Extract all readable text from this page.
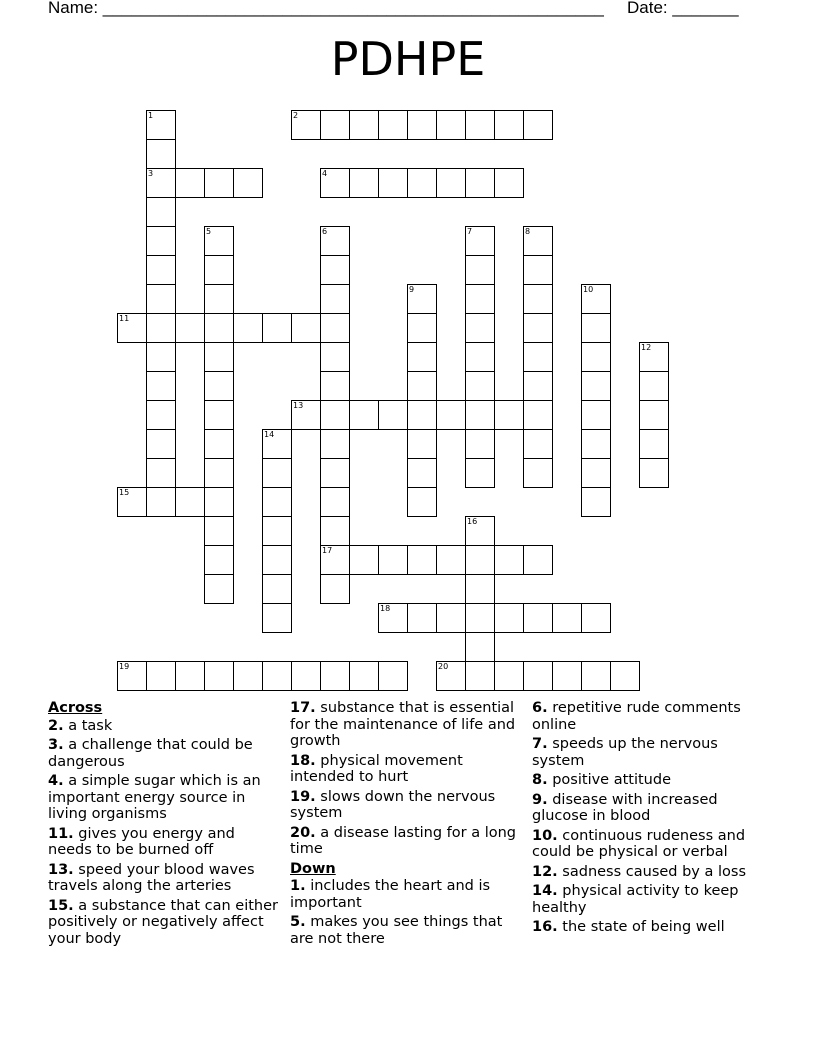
Name: _____________________________________________________ Date: _______
PDHPE
1
3
2
4
5	6
17
7	8
9	10
11
12
13
14
15
16
18
19	20
Across
2. a task
3. a challenge that could be dangerous
4. a simple sugar which is an important energy source in living organisms
11. gives you energy and needs to be burned off
13. speed your blood waves travels along the arteries
15. a substance that can either positively or negatively affect your body
17. substance that is essential for the maintenance of life and growth
18. physical movement intended to hurt
19. slows down the nervous system
20. a disease lasting for a long time
Down
1. includes the heart and is important
5. makes you see things that are not there
6. repetitive rude comments online
7. speeds up the nervous system
8. positive attitude
9. disease with increased glucose in blood
10. continuous rudeness and could be physical or verbal
12. sadness caused by a loss
14. physical activity to keep healthy
16. the state of being well
